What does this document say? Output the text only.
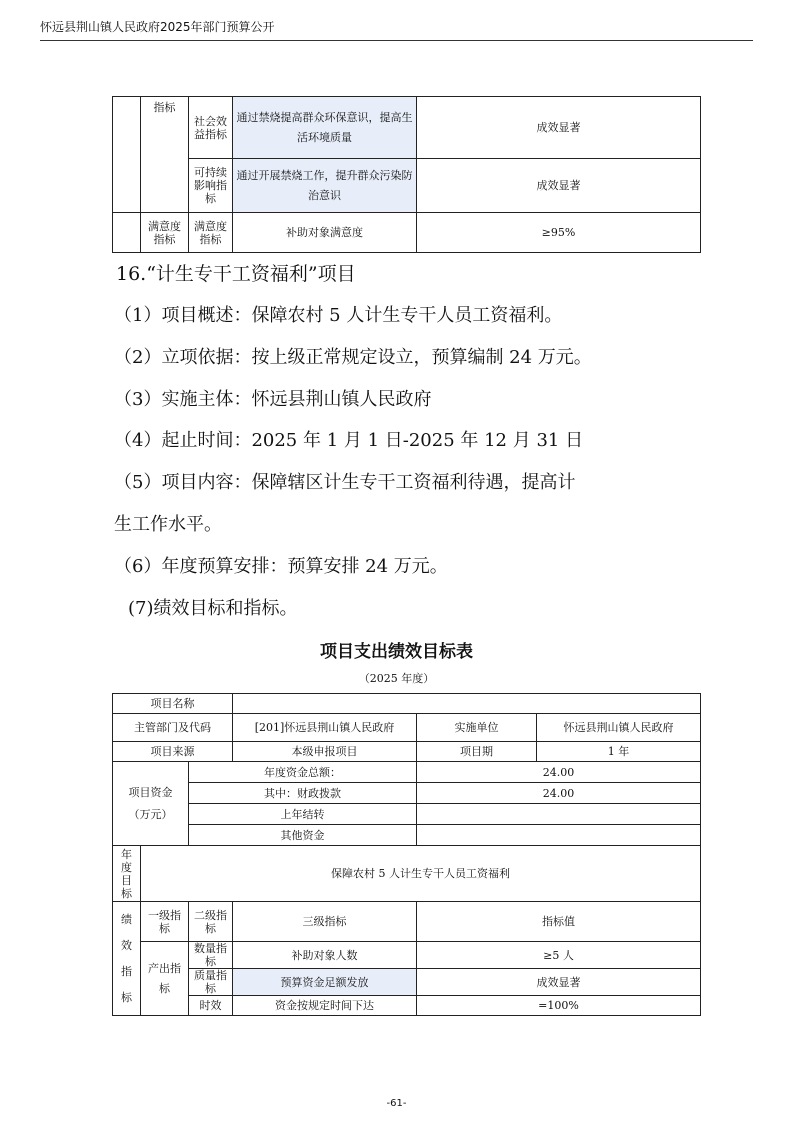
怀远县荆山镇人民政府2025年部门预算公开
	指标	社会效益指标	通过禁烧提高群众环保意识，提高生活环境质量	成效显著
		可持续影响指标	通过开展禁烧工作，提升群众污染防治意识	成效显著
	满意度指标	满意度指标	补助对象满意度	≥95%
16.“计生专干工资福利”项目
（1）项目概述：保障农村 5 人计生专干人员工资福利。
（2）立项依据：按上级正常规定设立，预算编制 24 万元。
（3）实施主体：怀远县荆山镇人民政府
（4）起止时间：2025 年 1 月 1 日-2025 年 12 月 31 日
（5）项目内容：保障辖区计生专干工资福利待遇，提高计
生工作水平。
（6）年度预算安排：预算安排 24 万元。
(7)绩效目标和指标。
项目支出绩效目标表
（2025 年度）
项目名称					
主管部门及代码			[201]怀远县荆山镇人民政府	实施单位	怀远县荆山镇人民政府
项目来源			本级申报项目	项目期	1 年

项目资金
（万元）		年度资金总额：		24.00	
		其中：财政拨款		24.00	
		上年结转			
		其他资金			
年度目标	保障农村 5 人计生专干人员工资福利				
绩效指标	一级指标	二级指标	三级指标	指标值	
	产出指标	数量指标	补助对象人数	≥5 人	
		质量指标	预算资金足额发放	成效显著	
		时效	资金按规定时间下达	=100%	
-61-
